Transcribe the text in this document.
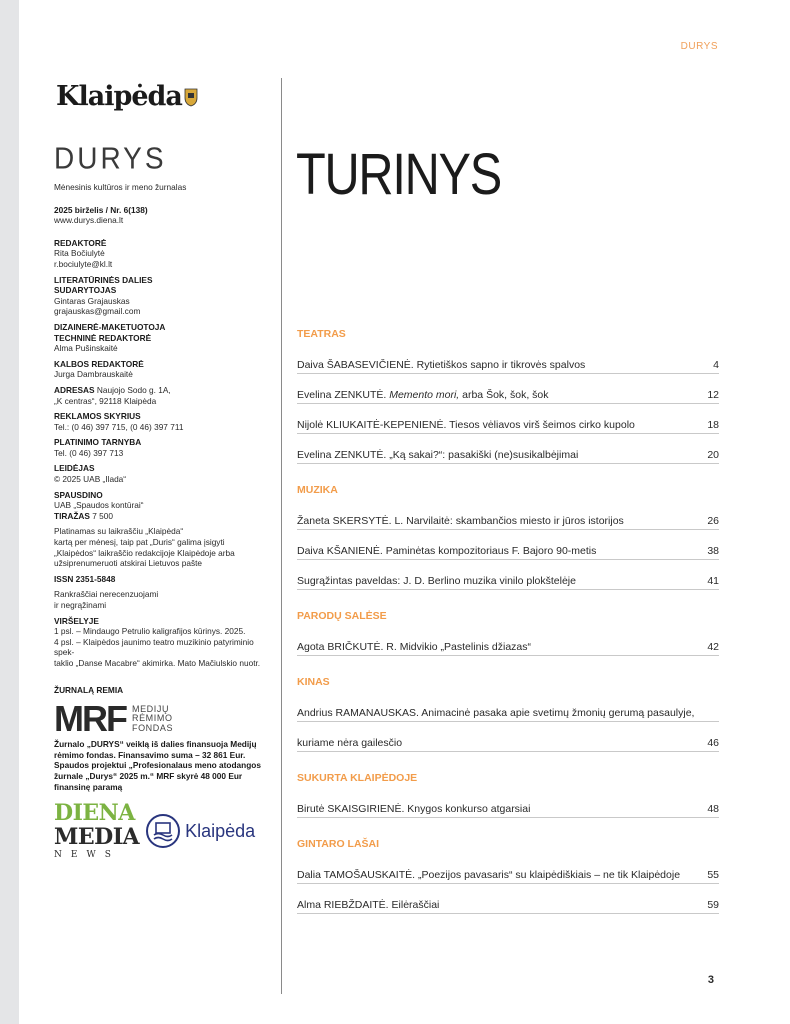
DURYS
Klaipėda
DURYS
Mėnesinis kultūros ir meno žurnalas
2025 birželis / Nr. 6(138)
www.durys.diena.lt
REDAKTORĖ
Rita Bočiulytė
r.bociulyte@kl.lt
LITERATŪRINĖS DALIES
SUDARYTOJAS
Gintaras Grajauskas
grajauskas@gmail.com
DIZAINERĖ-MAKETUOTOJA
TECHNINĖ REDAKTORĖ
Alma Pušinskaitė
KALBOS REDAKTORĖ
Jurga Dambrauskaitė
ADRESAS Naujojo Sodo g. 1A,
„K centras“, 92118 Klaipėda
REKLAMOS SKYRIUS
Tel.: (0 46) 397 715, (0 46) 397 711
PLATINIMO TARNYBA
Tel. (0 46) 397 713
LEIDĖJAS
© 2025 UAB „Ilada“
SPAUSDINO
UAB „Spaudos kontūrai“
TIRAŽAS 7 500
Platinamas su laikraščiu „Klaipėda“
kartą per mėnesį, taip pat „Duris“ galima įsigyti
„Klaipėdos“ laikraščio redakcijoje Klaipėdoje arba
užsiprenumeruoti atskirai Lietuvos pašte
ISSN 2351-5848
Rankraščiai nerecenzuojami
ir negrąžinami
VIRŠELYJE
1 psl. – Mindaugo Petrulio kaligrafijos kūrinys. 2025.
4 psl. – Klaipėdos jaunimo teatro muzikinio patyriminio spek-
taklio „Danse Macabre“ akimirka. Mato Mačiulskio nuotr.
ŽURNALĄ REMIA
MRF MEDIJŲ
RĖMIMO
FONDAS
Žurnalo „DURYS“ veiklą iš dalies finansuoja Medijų
rėmimo fondas. Finansavimo suma – 32 861 Eur.
Spaudos projektui „Profesionalaus meno atodangos
žurnale „Durys“ 2025 m.“ MRF skyrė 48 000 Eur
finansinę paramą
DIENA
MEDIA
NEWS
Klaipėda
TURINYS
TEATRAS
Daiva ŠABASEVIČIENĖ. Rytietiškos sapno ir tikrovės spalvos	4
Evelina ZENKUTĖ. Memento mori, arba Šok, šok, šok	12
Nijolė KLIUKAITĖ-KEPENIENĖ. Tiesos vėliavos virš šeimos cirko kupolo	18
Evelina ZENKUTĖ. „Ką sakai?“: pasakiški (ne)susikalbėjimai	20
MUZIKA
Žaneta SKERSYTĖ. L. Narvilaitė: skambančios miesto ir jūros istorijos	26
Daiva KŠANIENĖ. Paminėtas kompozitoriaus F. Bajoro 90-metis	38
Sugrąžintas paveldas: J. D. Berlino muzika vinilo plokštelėje	41
PARODŲ SALĖSE
Agota BRIČKUTĖ. R. Midvikio „Pastelinis džiazas“	42
KINAS
Andrius RAMANAUSKAS. Animacinė pasaka apie svetimų žmonių gerumą pasaulyje,
kuriame nėra gailesčio	46
SUKURTA KLAIPĖDOJE
Birutė SKAISGIRIENĖ. Knygos konkurso atgarsiai	48
GINTARO LAŠAI
Dalia TAMOŠAUSKAITĖ. „Poezijos pavasaris“ su klaipėdiškiais – ne tik Klaipėdoje	55
Alma RIEBŽDAITĖ. Eilėraščiai	59
3
